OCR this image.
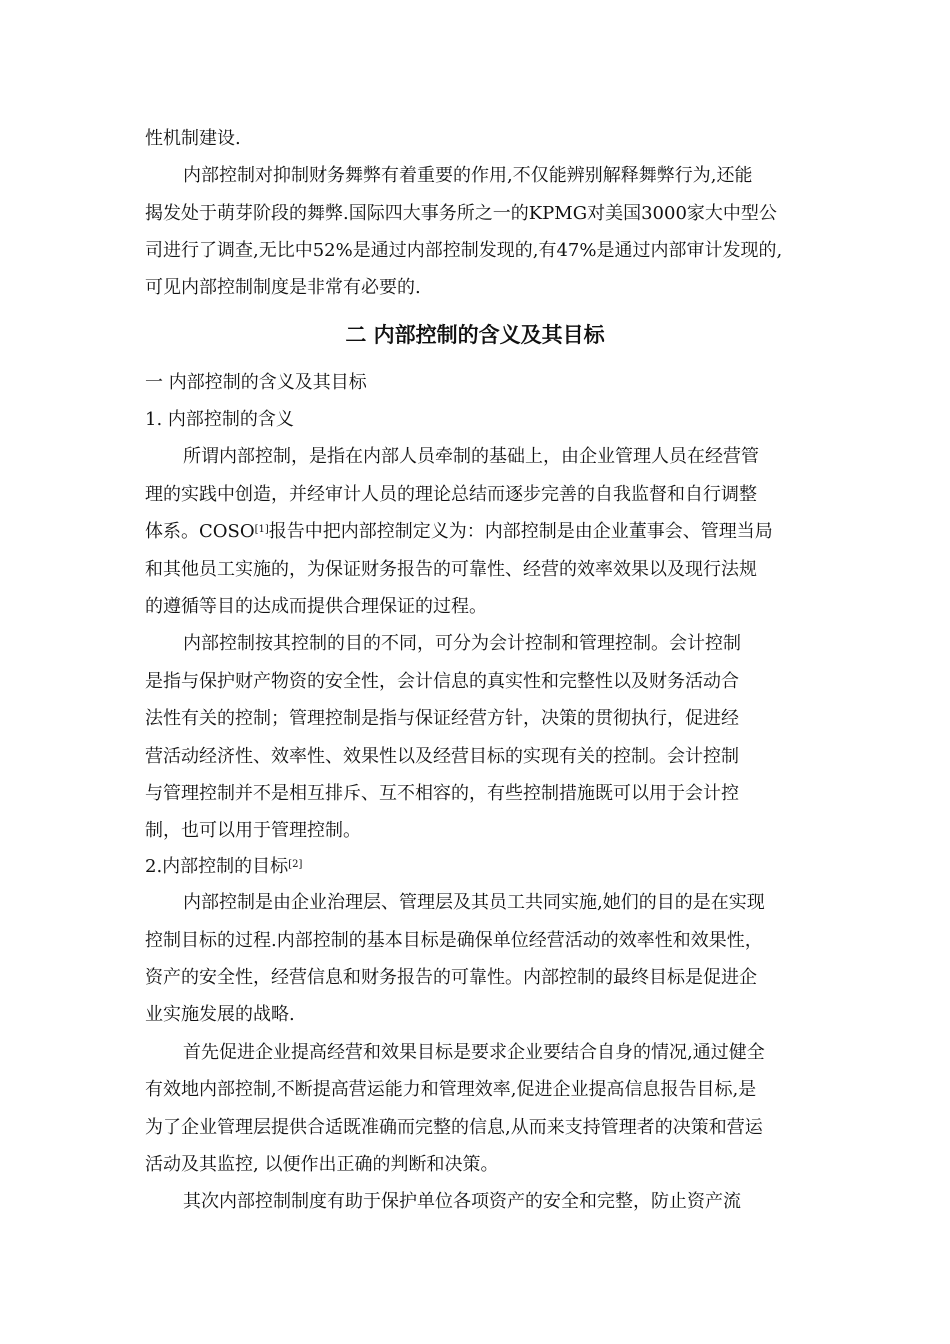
性机制建设.

内部控制对抑制财务舞弊有着重要的作用,不仅能辨别解释舞弊行为,还能

揭发处于萌芽阶段的舞弊.国际四大事务所之一的KPMG对美国3000家大中型公

司进行了调查,无比中52%是通过内部控制发现的,有47%是通过内部审计发现的,

可见内部控制制度是非常有必要的.

二 内部控制的含义及其目标

一 内部控制的含义及其目标

1. 内部控制的含义

所谓内部控制，是指在内部人员牵制的基础上，由企业管理人员在经营管

理的实践中创造，并经审计人员的理论总结而逐步完善的自我监督和自行调整

体系。COSO[1]报告中把内部控制定义为：内部控制是由企业董事会、管理当局

和其他员工实施的，为保证财务报告的可靠性、经营的效率效果以及现行法规

的遵循等目的达成而提供合理保证的过程。

内部控制按其控制的目的不同，可分为会计控制和管理控制。会计控制

是指与保护财产物资的安全性，会计信息的真实性和完整性以及财务活动合

法性有关的控制；管理控制是指与保证经营方针，决策的贯彻执行，促进经

营活动经济性、效率性、效果性以及经营目标的实现有关的控制。会计控制

与管理控制并不是相互排斥、互不相容的，有些控制措施既可以用于会计控

制，也可以用于管理控制。

2.内部控制的目标[2]

内部控制是由企业治理层、管理层及其员工共同实施,她们的目的是在实现

控制目标的过程.内部控制的基本目标是确保单位经营活动的效率性和效果性，

资产的安全性，经营信息和财务报告的可靠性。内部控制的最终目标是促进企

业实施发展的战略.

首先促进企业提高经营和效果目标是要求企业要结合自身的情况,通过健全

有效地内部控制,不断提高营运能力和管理效率,促进企业提高信息报告目标,是

为了企业管理层提供合适既准确而完整的信息,从而来支持管理者的决策和营运

活动及其监控, 以便作出正确的判断和决策。

其次内部控制制度有助于保护单位各项资产的安全和完整，防止资产流
